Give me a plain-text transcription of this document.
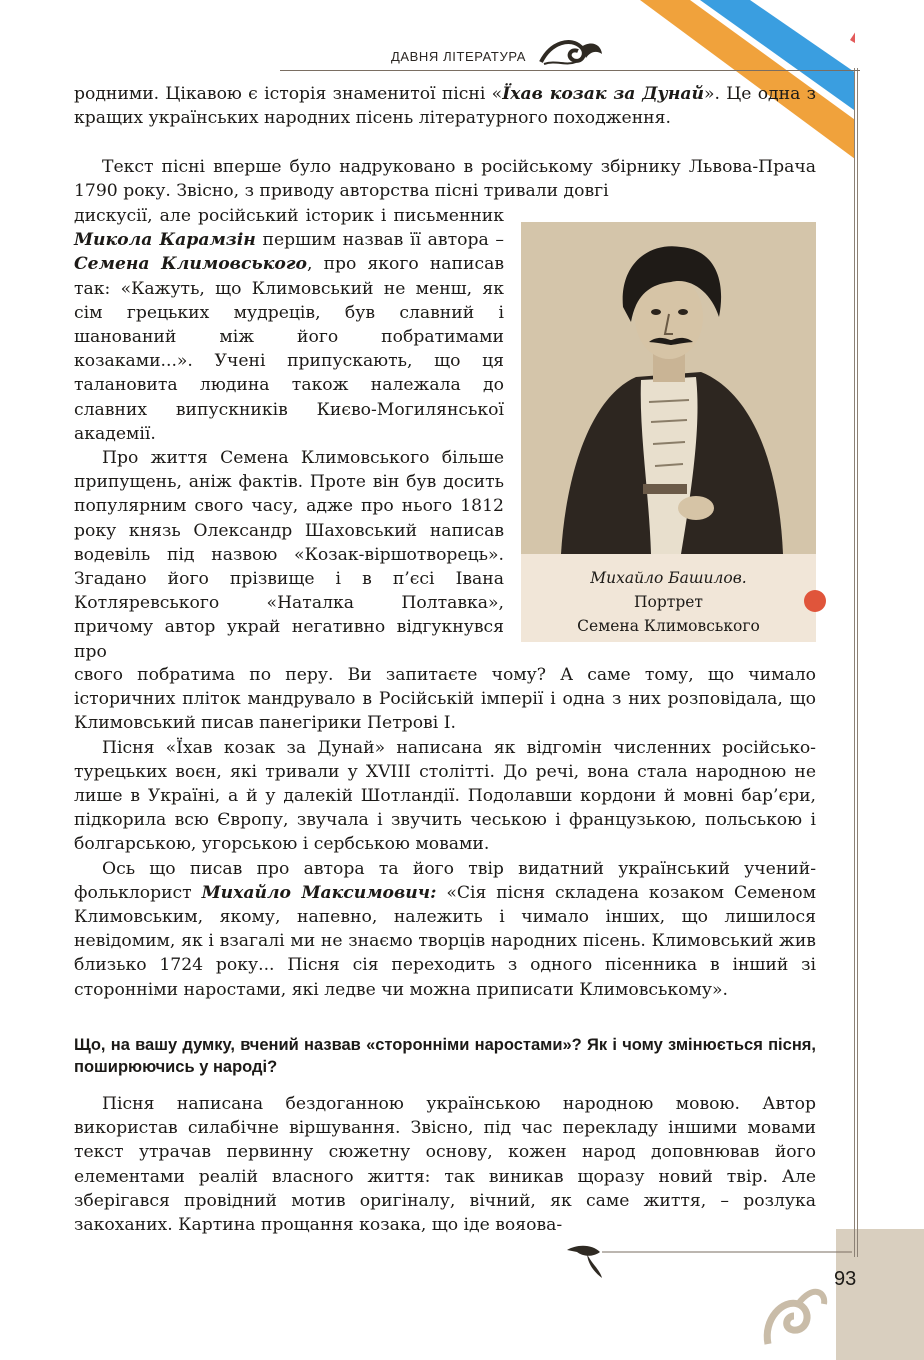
ДАВНЯ ЛІТЕРАТУРА

родними. Цікавою є історія знаменитої пісні «Їхав козак за Дунай». Це одна з кращих українських народних пісень літературного походження.

Текст пісні вперше було надруковано в російському збірнику Львова-Прача 1790 року. Звісно, з приводу авторства пісні тривали довгі

дискусії, але російський історик і письменник Микола Карамзін першим назвав її автора – Семена Климовського, про якого написав так: «Кажуть, що Климовський не менш, як сім грецьких мудреців, був славний і шанований між його побратимами козаками...». Учені припускають, що ця талановита людина також належала до славних випускників Києво-Могилянської академії.

Про життя Семена Климовського більше припущень, аніж фактів. Проте він був досить популярним свого часу, адже про нього 1812 року князь Олександр Шаховський написав водевіль під назвою «Козак-віршотворець». Згадано його прізвище і в п’єсі Івана Котляревського «Наталка Полтавка», причому автор украй негативно відгукнувся про

свого побратима по перу. Ви запитаєте чому? А саме тому, що чимало історичних пліток мандрувало в Російській імперії і одна з них розповідала, що Климовський писав панегірики Петрові І.

Пісня «Їхав козак за Дунай» написана як відгомін численних російсько-турецьких воєн, які тривали у XVIII столітті. До речі, вона стала народною не лише в Україні, а й у далекій Шотландії. Подолавши кордони й мовні бар’єри, підкорила всю Європу, звучала і звучить чеською і французькою, польською і болгарською, угорською і сербською мовами.

Ось що писав про автора та його твір видатний український учений-фольклорист Михайло Максимович: «Сія пісня складена козаком Семеном Климовським, якому, напевно, належить і чимало інших, що лишилося невідомим, як і взагалі ми не знаємо творців народних пісень. Климовський жив близько 1724 року... Пісня сія переходить з одного пісенника в інший зі сторонніми наростами, які ледве чи можна приписати Климовському».

Що, на вашу думку, вчений назвав «сторонніми наростами»? Як і чому змінюється пісня, поширюючись у народі?

Пісня написана бездоганною українською народною мовою. Автор використав силабічне віршування. Звісно, під час перекладу іншими мовами текст утрачав первинну сюжетну основу, кожен народ доповнював його елементами реалій власного життя: так виникав щоразу новий твір. Але зберігався провідний мотив оригіналу, вічний, як саме життя, – розлука закоханих. Картина прощання козака, що іде вояова-

Михайло Башилов.
Портрет
Семена Климовського
93
